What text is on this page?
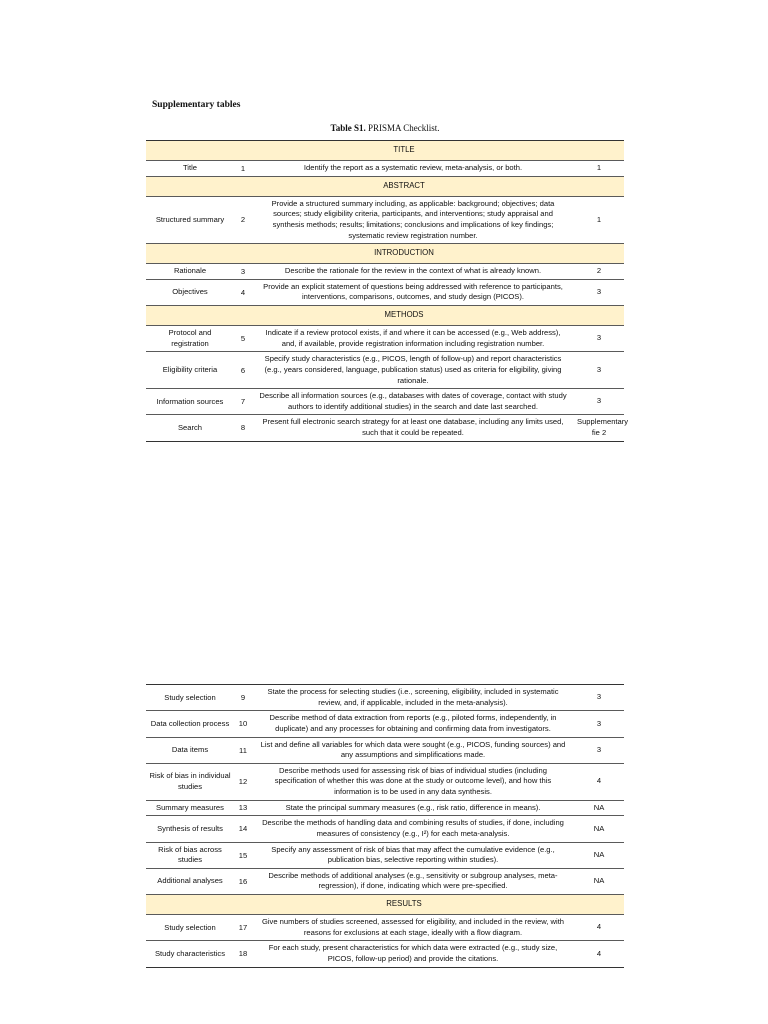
Supplementary tables
Table S1. PRISMA Checklist.
	TITLE		
Title	1	Identify the report as a systematic review, meta-analysis, or both.	1
	ABSTRACT		
Structured summary	2	Provide a structured summary including, as applicable: background; objectives; data sources; study eligibility criteria, participants, and interventions; study appraisal and synthesis methods; results; limitations; conclusions and implications of key findings; systematic review registration number.	1
	INTRODUCTION		
Rationale	3	Describe the rationale for the review in the context of what is already known.	2
Objectives	4	Provide an explicit statement of questions being addressed with reference to participants, interventions, comparisons, outcomes, and study design (PICOS).	3
	METHODS		
Protocol and registration	5	Indicate if a review protocol exists, if and where it can be accessed (e.g., Web address), and, if available, provide registration information including registration number.	3
Eligibility criteria	6	Specify study characteristics (e.g., PICOS, length of follow-up) and report characteristics (e.g., years considered, language, publication status) used as criteria for eligibility, giving rationale.	3
Information sources	7	Describe all information sources (e.g., databases with dates of coverage, contact with study authors to identify additional studies) in the search and date last searched.	3
Search	8	Present full electronic search strategy for at least one database, including any limits used, such that it could be repeated.	Supplementary fie 2
Study selection	9	State the process for selecting studies (i.e., screening, eligibility, included in systematic review, and, if applicable, included in the meta-analysis).	3
Data collection process	10	Describe method of data extraction from reports (e.g., piloted forms, independently, in duplicate) and any processes for obtaining and confirming data from investigators.	3
Data items	11	List and define all variables for which data were sought (e.g., PICOS, funding sources) and any assumptions and simplifications made.	3
Risk of bias in individual studies	12	Describe methods used for assessing risk of bias of individual studies (including specification of whether this was done at the study or outcome level), and how this information is to be used in any data synthesis.	4
Summary measures	13	State the principal summary measures (e.g., risk ratio, difference in means).	NA
Synthesis of results	14	Describe the methods of handling data and combining results of studies, if done, including measures of consistency (e.g., I²) for each meta-analysis.	NA
Risk of bias across studies	15	Specify any assessment of risk of bias that may affect the cumulative evidence (e.g., publication bias, selective reporting within studies).	NA
Additional analyses	16	Describe methods of additional analyses (e.g., sensitivity or subgroup analyses, meta-regression), if done, indicating which were pre-specified.	NA
	RESULTS		
Study selection	17	Give numbers of studies screened, assessed for eligibility, and included in the review, with reasons for exclusions at each stage, ideally with a flow diagram.	4
Study characteristics	18	For each study, present characteristics for which data were extracted (e.g., study size, PICOS, follow-up period) and provide the citations.	4
